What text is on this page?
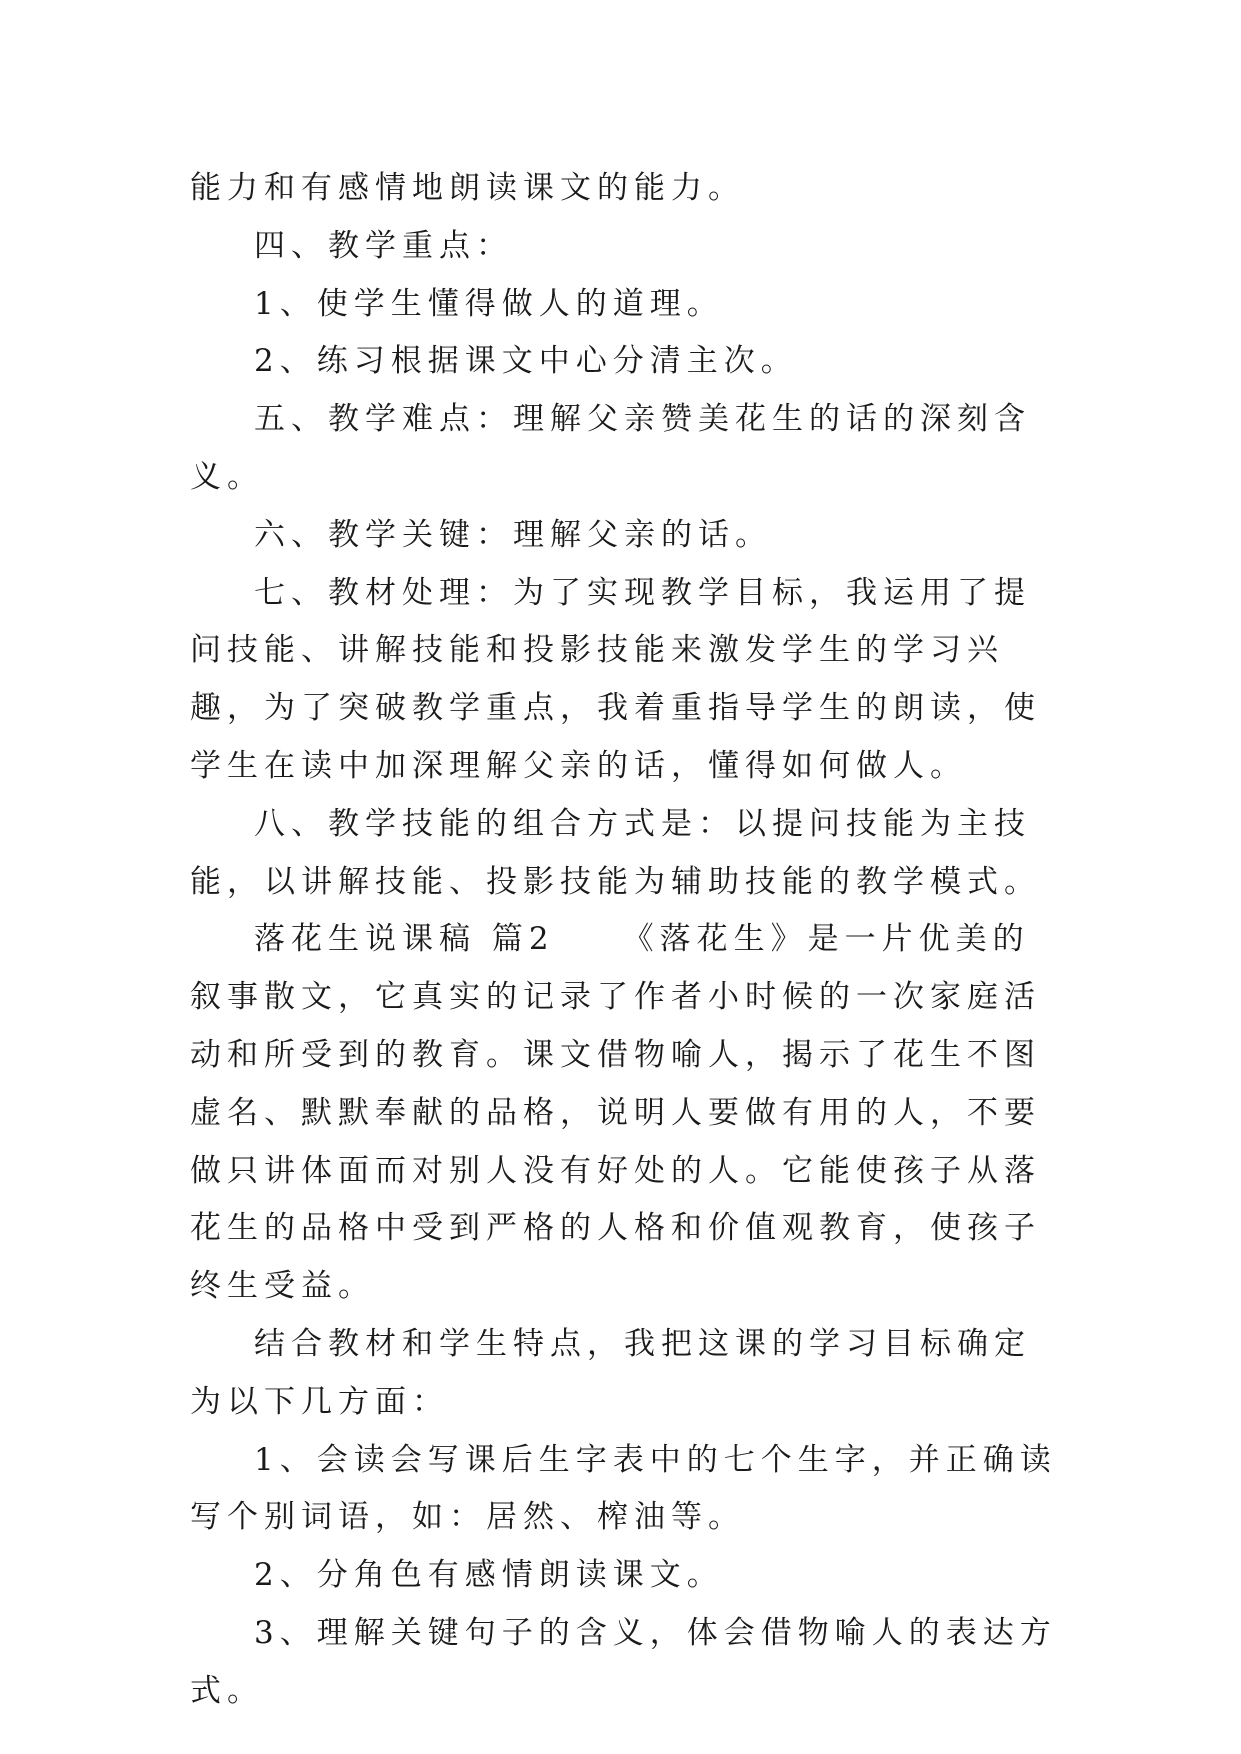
能力和有感情地朗读课文的能力。

四、教学重点：

1、使学生懂得做人的道理。

2、练习根据课文中心分清主次。

五、教学难点：理解父亲赞美花生的话的深刻含义。

六、教学关键：理解父亲的话。

七、教材处理：为了实现教学目标，我运用了提问技能、讲解技能和投影技能来激发学生的学习兴趣，为了突破教学重点，我着重指导学生的朗读，使学生在读中加深理解父亲的话，懂得如何做人。

八、教学技能的组合方式是：以提问技能为主技能，以讲解技能、投影技能为辅助技能的教学模式。

落花生说课稿 篇2 《落花生》是一片优美的叙事散文，它真实的记录了作者小时候的一次家庭活动和所受到的教育。课文借物喻人，揭示了花生不图虚名、默默奉献的品格，说明人要做有用的人，不要做只讲体面而对别人没有好处的人。它能使孩子从落花生的品格中受到严格的人格和价值观教育，使孩子终生受益。

结合教材和学生特点，我把这课的学习目标确定为以下几方面：

1、会读会写课后生字表中的七个生字，并正确读写个别词语，如：居然、榨油等。

2、分角色有感情朗读课文。

3、理解关键句子的含义，体会借物喻人的表达方式。
